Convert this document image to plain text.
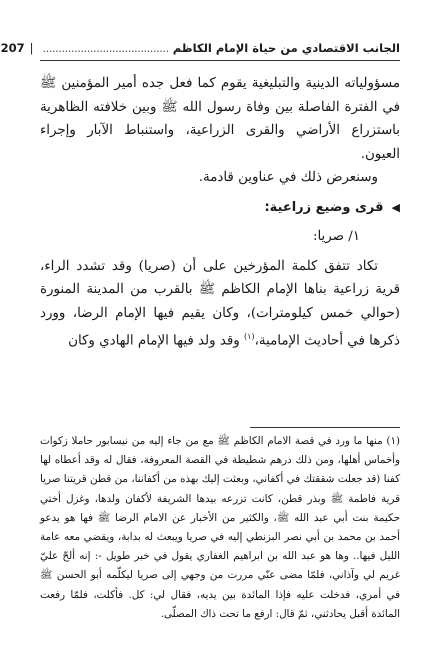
الجانب الاقتصادي من حياة الإمام الكاظم
........................................
|
207

مسؤولياته الدينية والتبليغية يقوم كما فعل جده أمير المؤمنين ﷺ في الفترة الفاصلة بين وفاة رسول الله ﷺ وبين خلافته الظاهرية باستزراع الأراضي والقرى الزراعية، واستنباط الآبار وإجراء العيون.

وسنعرض ذلك في عناوين قادمة.

◀
قرى وضيع زراعية:

١/ صريا:

تكاد تتفق كلمة المؤرخين على أن (صريا) وقد تشدد الراء، قرية زراعية بناها الإمام الكاظم ﷺ بالقرب من المدينة المنورة (حوالي خمس كيلومترات)، وكان يقيم فيها الإمام الرضا، وورد ذكرها في أحاديث الإمامية،$^{(١)}$ وقد ولد فيها الإمام الهادي وكان

(١) منها ما ورد في قصة الامام الكاظم ﷺ مع من جاء إليه من نيسابور حاملا زكوات وأخماس أهلها، ومن ذلك درهم شطيطة في القصة المعروفة، فقال له وقد أعطاه لها كفنا (قد جعلت شققتك في أكفاني، وبعثت إليك بهذه من أكفاننا، من قطن قريتنا صريا قرية فاطمة ﷺ وبذر قطن، كانت تزرعه بيدها الشريفة لأكفان ولدها، وغزل أختي حكيمة بنت أبي عبد الله ﷺ، والكثير من الأخبار عن الامام الرضا ﷺ فها هو يدعو أحمد بن محمد بن أبي نصر البزنطي إليه في صريا ويبعث له بدابة، ويقضي معه عامة الليل فيها.. وها هو عبد الله بن ابراهيم الغفاري يقول في خبر طويل -: إنه ألحّ عليّ غريم لي وآذاني، فلمّا مضى عنّي مررت من وجهي إلى صريا ليكلّمه أبو الحسن ﷺ في أمري، فدخلت عليه فإذا المائدة بين يديه، فقال لي: كل. فأكلت، فلمّا رفعت المائدة أقبل يحادثني، ثمّ قال: ارفع ما تحت ذاك المصلّى.
